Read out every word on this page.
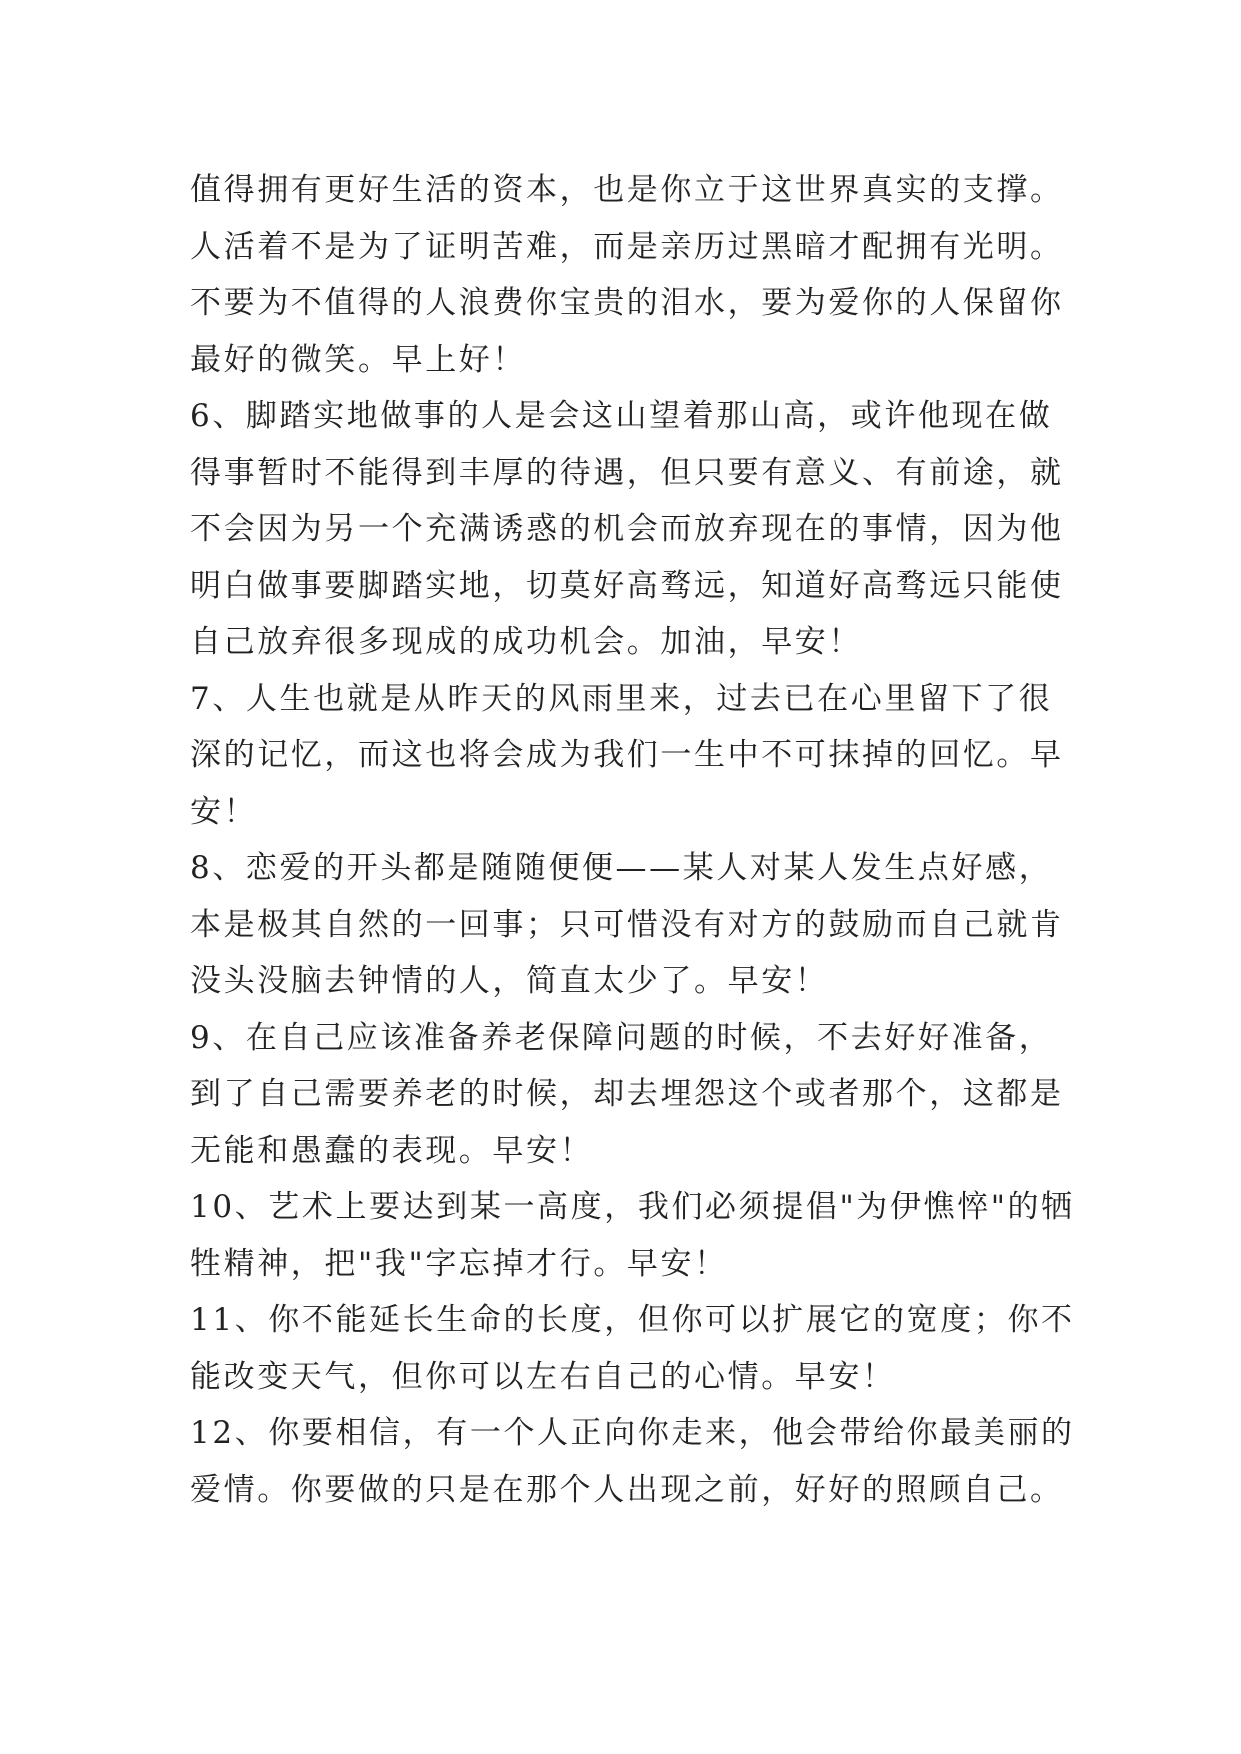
值得拥有更好生活的资本，也是你立于这世界真实的支撑。
人活着不是为了证明苦难，而是亲历过黑暗才配拥有光明。
不要为不值得的人浪费你宝贵的泪水，要为爱你的人保留你
最好的微笑。早上好！
6、脚踏实地做事的人是会这山望着那山高，或许他现在做
得事暂时不能得到丰厚的待遇，但只要有意义、有前途，就
不会因为另一个充满诱惑的机会而放弃现在的事情，因为他
明白做事要脚踏实地，切莫好高骛远，知道好高骛远只能使
自己放弃很多现成的成功机会。加油，早安！
7、人生也就是从昨天的风雨里来，过去已在心里留下了很
深的记忆，而这也将会成为我们一生中不可抹掉的回忆。早
安！
8、恋爱的开头都是随随便便——某人对某人发生点好感，
本是极其自然的一回事；只可惜没有对方的鼓励而自己就肯
没头没脑去钟情的人，简直太少了。早安！
9、在自己应该准备养老保障问题的时候，不去好好准备，
到了自己需要养老的时候，却去埋怨这个或者那个，这都是
无能和愚蠢的表现。早安！
10、艺术上要达到某一高度，我们必须提倡"为伊憔悴"的牺
牲精神，把"我"字忘掉才行。早安！
11、你不能延长生命的长度，但你可以扩展它的宽度；你不
能改变天气，但你可以左右自己的心情。早安！
12、你要相信，有一个人正向你走来，他会带给你最美丽的
爱情。你要做的只是在那个人出现之前，好好的照顾自己。
